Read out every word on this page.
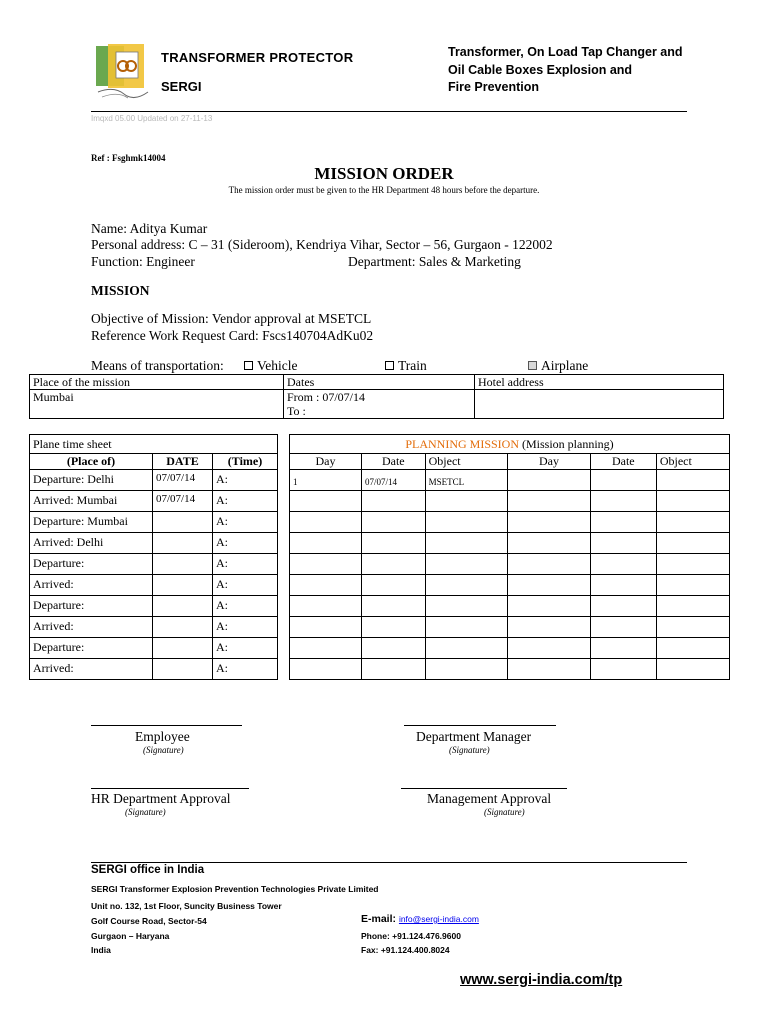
TRANSFORMER PROTECTOR
SERGI
Transformer, On Load Tap Changer and
Oil Cable Boxes Explosion and
Fire Prevention
Imqxd 05.00 Updated on 27-11-13
Ref : Fsghmk14004
MISSION ORDER
The mission order must be given to the HR Department 48 hours before the departure.
Name: Aditya Kumar
Personal address: C – 31 (Sideroom), Kendriya Vihar, Sector – 56, Gurgaon - 122002
Function: Engineer	Department: Sales & Marketing
MISSION
Objective of Mission: Vendor approval at MSETCL
Reference Work Request Card: Fscs140704AdKu02
Means of transportation:	Vehicle	Train	Airplane
Place of the mission	Dates	Hotel address
Mumbai	From : 07/07/14
To :	

Plane time sheet		
(Place of)	DATE	(Time)
Departure: Delhi	07/07/14	A:
Arrived: Mumbai	07/07/14	A:
Departure: Mumbai		A:
Arrived: Delhi		A:
Departure:		A:
Arrived:		A:
Departure:		A:
Arrived:		A:
Departure:		A:
Arrived:		A:
PLANNING MISSION (Mission planning)					
Day	Date	Object	Day	Date	Object
1	07/07/14	MSETCL			

Employee
(Signature)
Department Manager
(Signature)
HR Department Approval
(Signature)
Management Approval
(Signature)
SERGI office in India
SERGI Transformer Explosion Prevention Technologies Private Limited
Unit no. 132, 1st Floor, Suncity Business Tower
Golf Course Road, Sector-54
Gurgaon – Haryana
India
E-mail: info@sergi-india.com
Phone: +91.124.476.9600
Fax: +91.124.400.8024
www.sergi-india.com/tp
